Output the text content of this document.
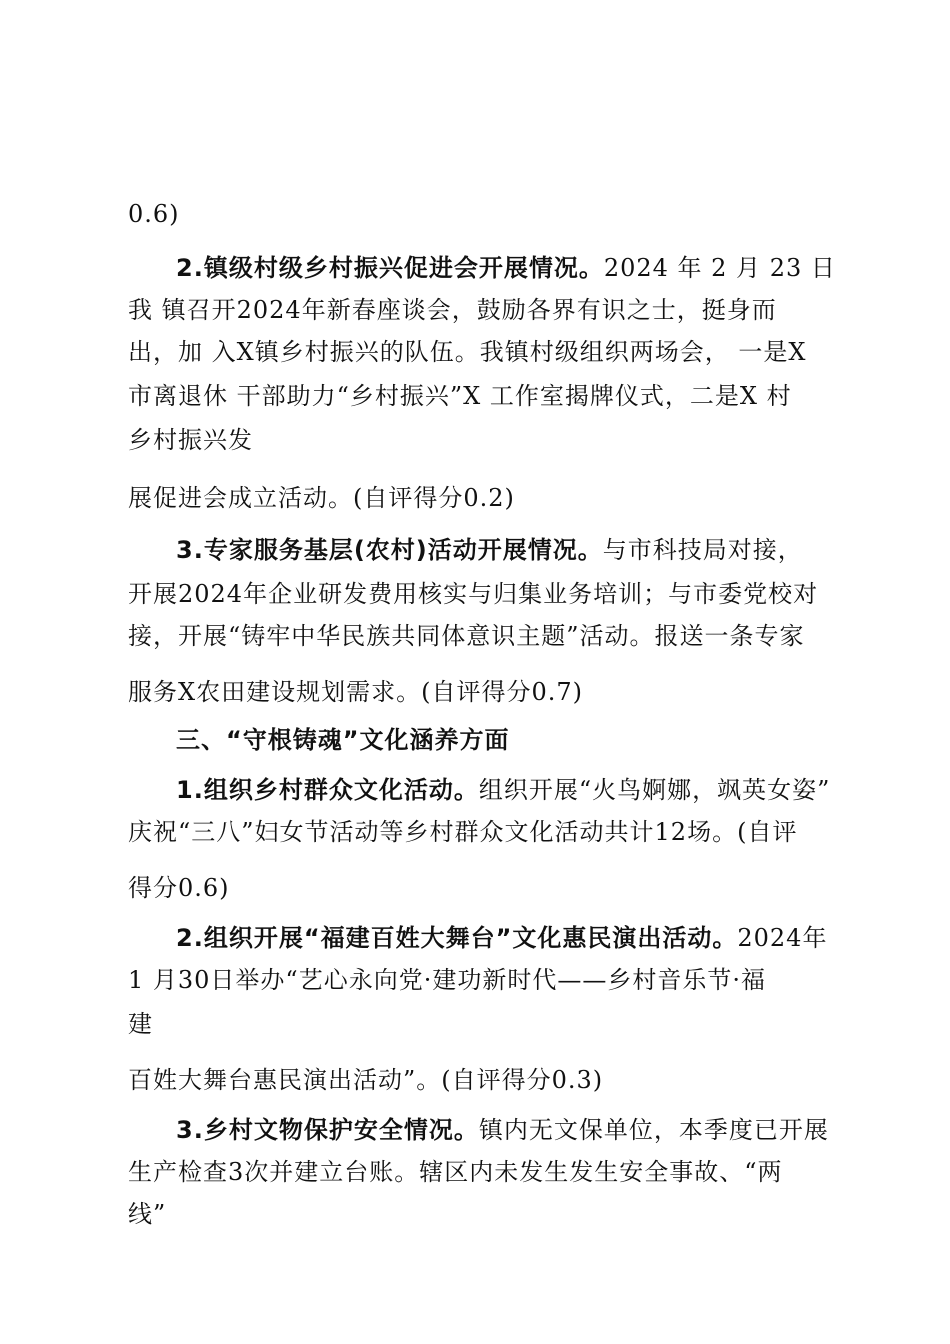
0.6)
2.镇级村级乡村振兴促进会开展情况。2024 年 2 月 23 日
我 镇召开2024年新春座谈会，鼓励各界有识之士，挺身而
出，加 入X镇乡村振兴的队伍。我镇村级组织两场会， 一是X
市离退休 干部助力“乡村振兴”X 工作室揭牌仪式，二是X 村
乡村振兴发
展促进会成立活动。(自评得分0.2)
3.专家服务基层(农村)活动开展情况。与市科技局对接，
开展2024年企业研发费用核实与归集业务培训；与市委党校对
接，开展“铸牢中华民族共同体意识主题”活动。报送一条专家
服务X农田建设规划需求。(自评得分0.7)
三、“守根铸魂”文化涵养方面
1.组织乡村群众文化活动。组织开展“火鸟婀娜，飒英女姿”
庆祝“三八”妇女节活动等乡村群众文化活动共计12场。(自评
得分0.6)
2.组织开展“福建百姓大舞台”文化惠民演出活动。2024年
1 月30日举办“艺心永向党·建功新时代——乡村音乐节·福
建
百姓大舞台惠民演出活动”。(自评得分0.3)
3.乡村文物保护安全情况。镇内无文保单位，本季度已开展
生产检查3次并建立台账。辖区内未发生发生安全事故、“两
线”
